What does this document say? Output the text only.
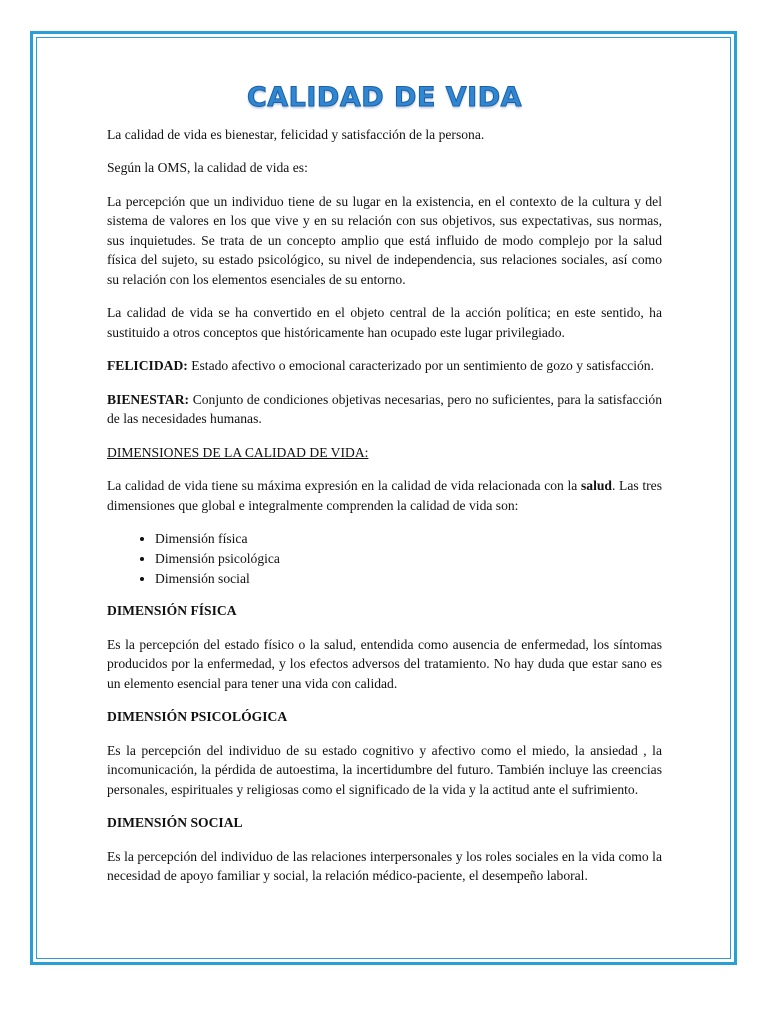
CALIDAD DE VIDA

La calidad de vida es bienestar, felicidad y satisfacción de la persona.

Según la OMS, la calidad de vida es:

La percepción que un individuo tiene de su lugar en la existencia, en el contexto de la cultura y del sistema de valores en los que vive y en su relación con sus objetivos, sus expectativas, sus normas, sus inquietudes. Se trata de un concepto amplio que está influido de modo complejo por la salud física del sujeto, su estado psicológico, su nivel de independencia, sus relaciones sociales, así como su relación con los elementos esenciales de su entorno.

La calidad de vida se ha convertido en el objeto central de la acción política; en este sentido, ha sustituido a otros conceptos que históricamente han ocupado este lugar privilegiado.

FELICIDAD: Estado afectivo o emocional caracterizado por un sentimiento de gozo y satisfacción.

BIENESTAR: Conjunto de condiciones objetivas necesarias, pero no suficientes, para la satisfacción de las necesidades humanas.

DIMENSIONES DE LA CALIDAD DE VIDA:

La calidad de vida tiene su máxima expresión en la calidad de vida relacionada con la salud. Las tres dimensiones que global e integralmente comprenden la calidad de vida son:

• Dimensión física
• Dimensión psicológica
• Dimensión social
DIMENSIÓN FÍSICA

Es la percepción del estado físico o la salud, entendida como ausencia de enfermedad, los síntomas producidos por la enfermedad, y los efectos adversos del tratamiento. No hay duda que estar sano es un elemento esencial para tener una vida con calidad.

DIMENSIÓN PSICOLÓGICA

Es la percepción del individuo de su estado cognitivo y afectivo como el miedo, la ansiedad , la incomunicación, la pérdida de autoestima, la incertidumbre del futuro. También incluye las creencias personales, espirituales y religiosas como el significado de la vida y la actitud ante el sufrimiento.

DIMENSIÓN SOCIAL

Es la percepción del individuo de las relaciones interpersonales y los roles sociales en la vida como la necesidad de apoyo familiar y social, la relación médico-paciente, el desempeño laboral.
